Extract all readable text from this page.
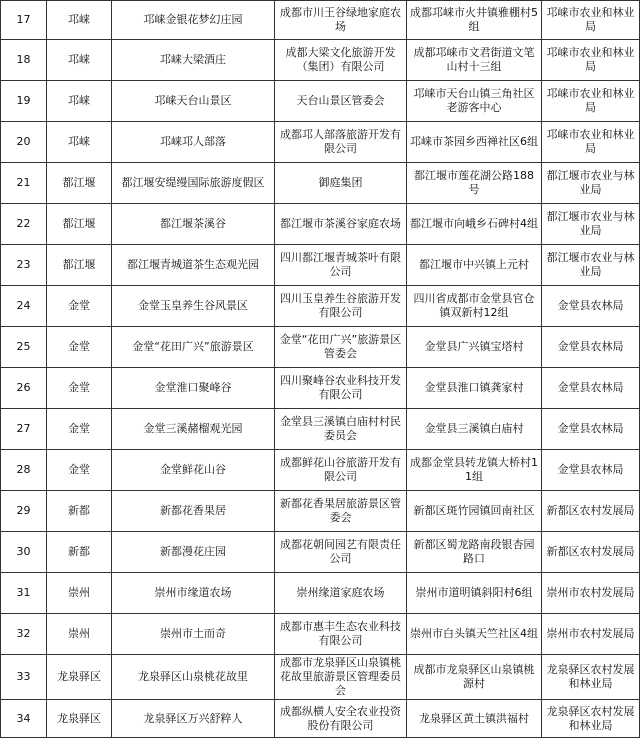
17	邛崃	邛崃金银花梦幻庄园	成都市川王谷绿地家庭农场	成都邛崃市火井镇雅棚村5组	邛崃市农业和林业局
18	邛崃	邛崃大梁酒庄	成都大梁文化旅游开发（集团）有限公司	成都邛崃市文君街道文笔山村十三组	邛崃市农业和林业局
19	邛崃	邛崃天台山景区	天台山景区管委会	邛崃市天台山镇三角社区老游客中心	邛崃市农业和林业局
20	邛崃	邛崃邛人部落	成都邛人部落旅游开发有限公司	邛崃市茶园乡西禅社区6组	邛崃市农业和林业局
21	都江堰	都江堰安缇缦国际旅游度假区	御庭集团	都江堰市莲花湖公路188号	都江堰市农业与林业局
22	都江堰	都江堰茶溪谷	都江堰市茶溪谷家庭农场	都江堰市向峨乡石碑村4组	都江堰市农业与林业局
23	都江堰	都江堰青城道茶生态观光园	四川都江堰青城茶叶有限公司	都江堰市中兴镇上元村	都江堰市农业与林业局
24	金堂	金堂玉皇养生谷风景区	四川玉皇养生谷旅游开发有限公司	四川省成都市金堂县官仓镇双新村12组	金堂县农林局
25	金堂	金堂“花田广兴”旅游景区	金堂“花田广兴”旅游景区管委会	金堂县广兴镇宝塔村	金堂县农林局
26	金堂	金堂淮口聚峰谷	四川聚峰谷农业科技开发有限公司	金堂县淮口镇龚家村	金堂县农林局
27	金堂	金堂三溪赭榴观光园	金堂县三溪镇白庙村村民委员会	金堂县三溪镇白庙村	金堂县农林局
28	金堂	金堂鲜花山谷	成都鲜花山谷旅游开发有限公司	成都金堂县转龙镇大桥村11组	金堂县农林局
29	新都	新都花香果居	新都花香果居旅游景区管委会	新都区斑竹园镇回南社区	新都区农村发展局
30	新都	新都漫花庄园	成都花朝间园艺有限责任公司	新都区蜀龙路南段银杏园路口	新都区农村发展局
31	崇州	崇州市缘道农场	崇州缘道家庭农场	崇州市道明镇斜阳村6组	崇州市农村发展局
32	崇州	崇州市土而奇	成都市惠丰生态农业科技有限公司	崇州市白头镇天竺社区4组	崇州市农村发展局
33	龙泉驿区	龙泉驿区山泉桃花故里	成都市龙泉驿区山泉镇桃花故里旅游景区管理委员会	成都市龙泉驿区山泉镇桃源村	龙泉驿区农村发展和林业局
34	龙泉驿区	龙泉驿区万兴舒粹人	成都纵横人安全农业投资股份有限公司	龙泉驿区黄土镇洪福村	龙泉驿区农村发展和林业局
